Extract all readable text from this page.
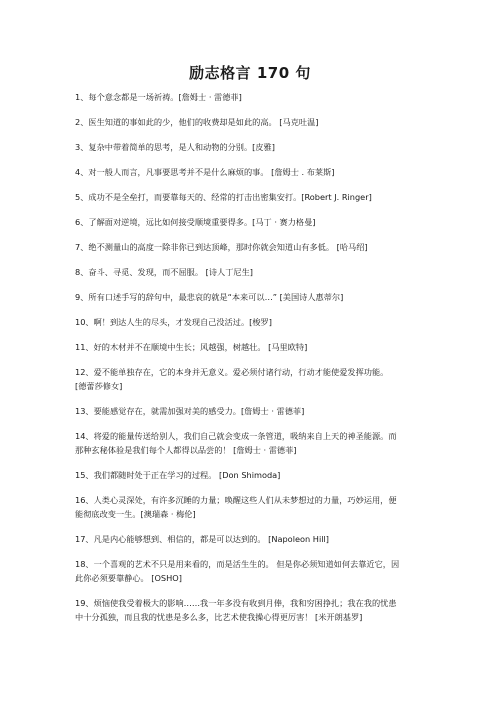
励志格言 170 句
1、每个意念都是一场祈祷。[詹姆士 · 雷德菲]
2、医生知道的事如此的少，他们的收费却是如此的高。 [马克吐温]
3、复杂中带着简单的思考，是人和动物的分别。[皮雅]
4、对一般人而言，凡事要思考并不是什么麻烦的事。 [詹姆士 . 布莱斯]
5、成功不是全垒打，而要靠每天的、经常的打击出密集安打。[Robert J. Ringer]
6、了解面对逆境，远比如何接受顺境重要得多。[马丁 · 赛力格曼]
7、绝不测量山的高度一除非你已到达顶峰，那时你就会知道山有多低。 [哈马绍]
8、奋斗、寻觅、发现，而不屈服。 [诗人丁尼生]
9、所有口述手写的辞句中，最悲哀的就是“本来可以…” [美国诗人惠蒂尔]
10、啊！到达人生的尽头，才发现自己没活过。[梭罗]
11、好的木材并不在顺境中生长；风越强，树越壮。 [马里欧特]
12、爱不能单独存在，它的本身并无意义。爱必须付诸行动，行动才能使爱发挥功能。
[德蕾莎修女]
13、要能感觉存在，就需加强对美的感受力。[詹姆士 · 雷德菲]
14、将爱的能量传送给别人，我们自己就会变成一条管道，吸纳来自上天的神圣能源。而
那种玄秘体验是我们每个人都得以品尝的！ [詹姆士 · 雷德菲]
15、我们都随时处于正在学习的过程。 [Don Shimoda]
16、人类心灵深处，有许多沉睡的力量；唤醒这些人们从未梦想过的力量，巧妙运用，便
能彻底改变一生。[澳瑞森 · 梅伦]
17、凡是内心能够想到、相信的，都是可以达到的。 [Napoleon Hill]
18、一个喜观的艺术不只是用来看的，而是活生生的。 但是你必须知道如何去靠近它，因
此你必须要靠静心。 [OSHO]
19、烦恼使我受着极大的影响……我一年多没有收到月俸，我和穷困挣扎；我在我的忧患
中十分孤独，而且我的忧患是多么多，比艺术使我操心得更厉害！ [米开朗基罗]
